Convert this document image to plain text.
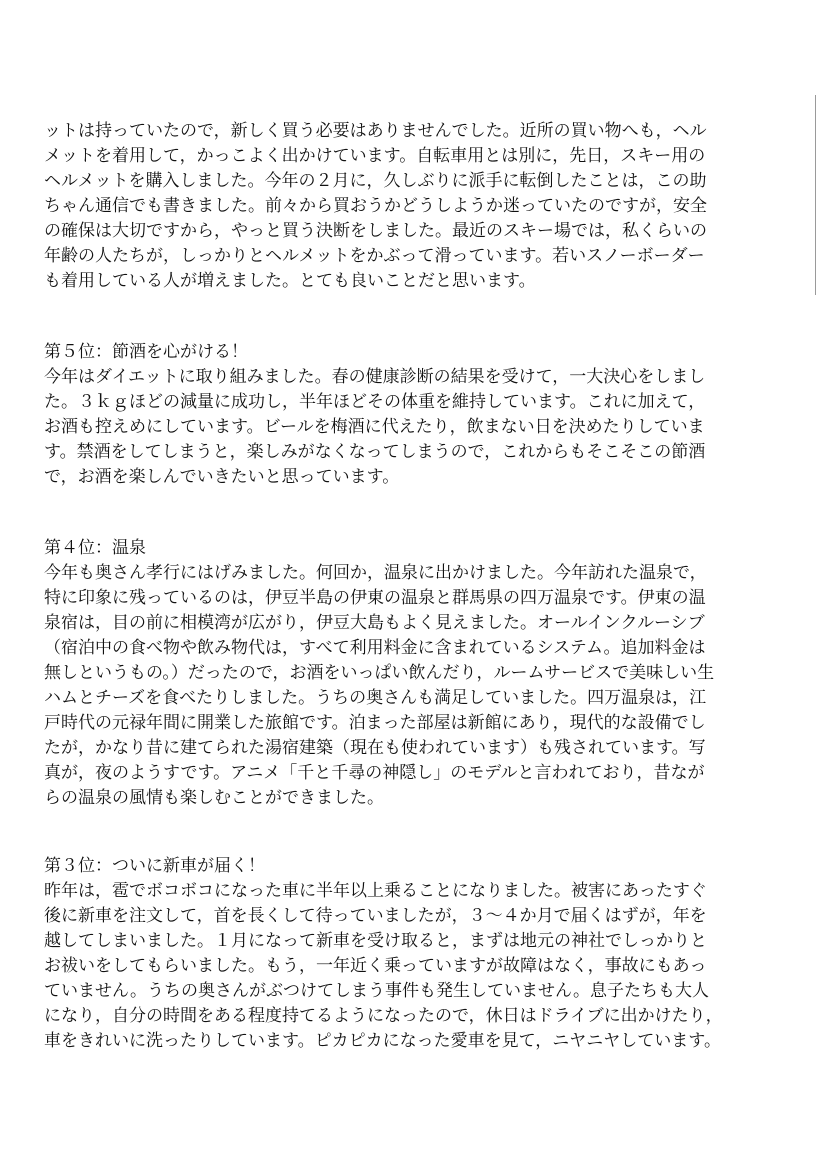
ットは持っていたので，新しく買う必要はありませんでした。近所の買い物へも，ヘル
メットを着用して，かっこよく出かけています。自転車用とは別に，先日，スキー用の
ヘルメットを購入しました。今年の２月に，久しぶりに派手に転倒したことは，この助
ちゃん通信でも書きました。前々から買おうかどうしようか迷っていたのですが，安全
の確保は大切ですから，やっと買う決断をしました。最近のスキー場では，私くらいの
年齢の人たちが，しっかりとヘルメットをかぶって滑っています。若いスノーボーダー
も着用している人が増えました。とても良いことだと思います。
第５位：節酒を心がける！
今年はダイエットに取り組みました。春の健康診断の結果を受けて，一大決心をしまし
た。３ｋｇほどの減量に成功し，半年ほどその体重を維持しています。これに加えて，
お酒も控えめにしています。ビールを梅酒に代えたり，飲まない日を決めたりしていま
す。禁酒をしてしまうと，楽しみがなくなってしまうので，これからもそこそこの節酒
で，お酒を楽しんでいきたいと思っています。
第４位：温泉
今年も奥さん孝行にはげみました。何回か，温泉に出かけました。今年訪れた温泉で，
特に印象に残っているのは，伊豆半島の伊東の温泉と群馬県の四万温泉です。伊東の温
泉宿は，目の前に相模湾が広がり，伊豆大島もよく見えました。オールインクルーシブ
（宿泊中の食べ物や飲み物代は，すべて利用料金に含まれているシステム。追加料金は
無しというもの。）だったので，お酒をいっぱい飲んだり，ルームサービスで美味しい生
ハムとチーズを食べたりしました。うちの奥さんも満足していました。四万温泉は，江
戸時代の元禄年間に開業した旅館です。泊まった部屋は新館にあり，現代的な設備でし
たが，かなり昔に建てられた湯宿建築（現在も使われています）も残されています。写
真が，夜のようすです。アニメ「千と千尋の神隠し」のモデルと言われており，昔なが
らの温泉の風情も楽しむことができました。
第３位：ついに新車が届く！
昨年は，雹でボコボコになった車に半年以上乗ることになりました。被害にあったすぐ
後に新車を注文して，首を長くして待っていましたが，３～４か月で届くはずが，年を
越してしまいました。１月になって新車を受け取ると，まずは地元の神社でしっかりと
お祓いをしてもらいました。もう，一年近く乗っていますが故障はなく，事故にもあっ
ていません。うちの奥さんがぶつけてしまう事件も発生していません。息子たちも大人
になり，自分の時間をある程度持てるようになったので，休日はドライブに出かけたり，
車をきれいに洗ったりしています。ピカピカになった愛車を見て，ニヤニヤしています。
